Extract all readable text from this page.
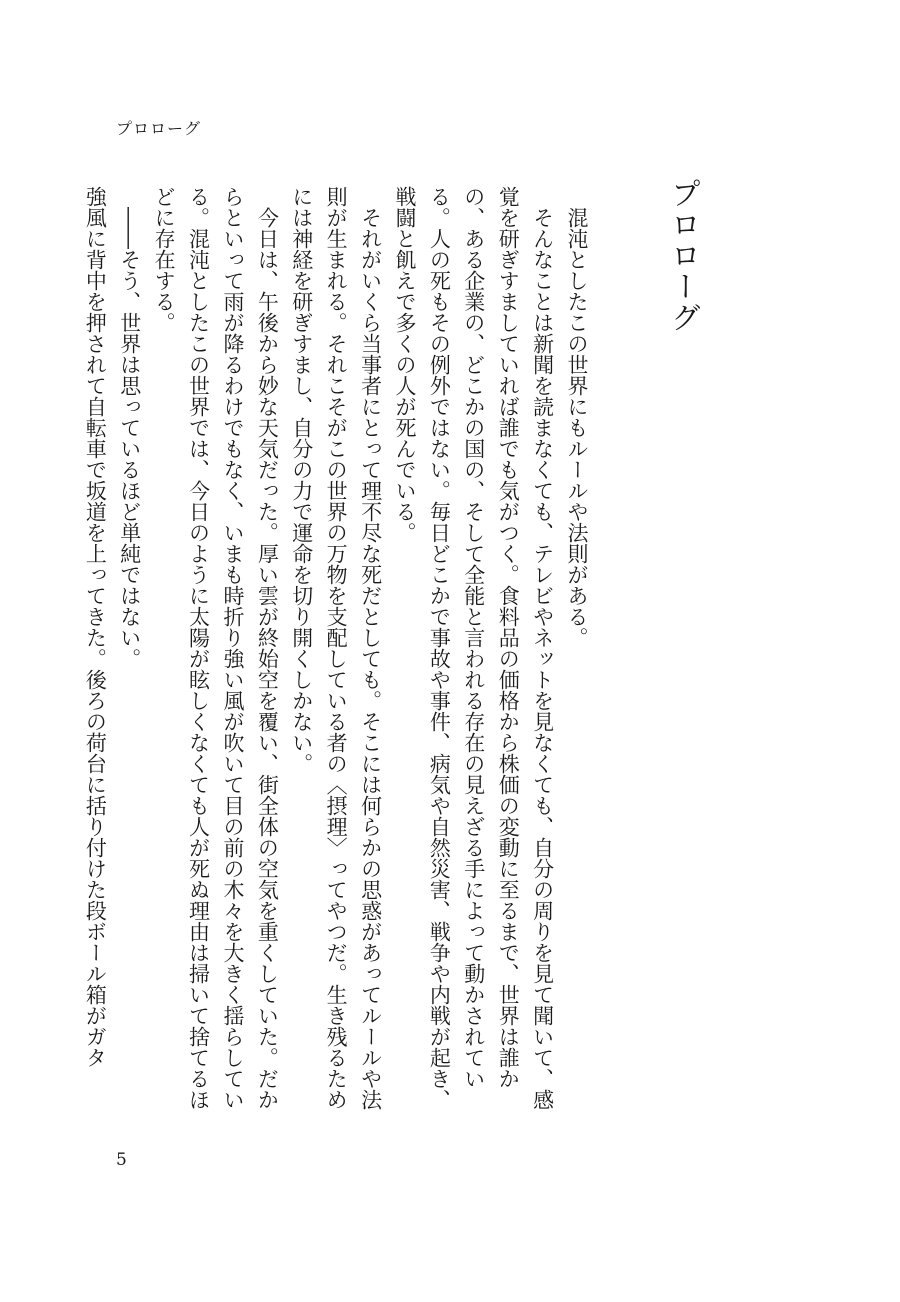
プロローグ
プロローグ

混沌としたこの世界にもルールや法則がある。

そんなことは新聞を読まなくても、テレビやネットを見なくても、自分の周りを見て聞いて、感覚を研ぎすましていれば誰でも気がつく。食料品の価格から株価の変動に至るまで、世界は誰かの、ある企業の、どこかの国の、そして全能と言われる存在の見えざる手によって動かされている。人の死もその例外ではない。毎日どこかで事故や事件、病気や自然災害、戦争や内戦が起き、戦闘と飢えで多くの人が死んでいる。

それがいくら当事者にとって理不尽な死だとしても。そこには何らかの思惑があってルールや法則が生まれる。それこそがこの世界の万物を支配している者の〈摂理〉ってやつだ。生き残るためには神経を研ぎすまし、自分の力で運命を切り開くしかない。

今日は、午後から妙な天気だった。厚い雲が終始空を覆い、街全体の空気を重くしていた。だからといって雨が降るわけでもなく、いまも時折り強い風が吹いて目の前の木々を大きく揺らしている。混沌としたこの世界では、今日のように太陽が眩しくなくても人が死ぬ理由は掃いて捨てるほどに存在する。

――そう、世界は思っているほど単純ではない。

強風に背中を押されて自転車で坂道を上ってきた。後ろの荷台に括り付けた段ボール箱がガタ

5
